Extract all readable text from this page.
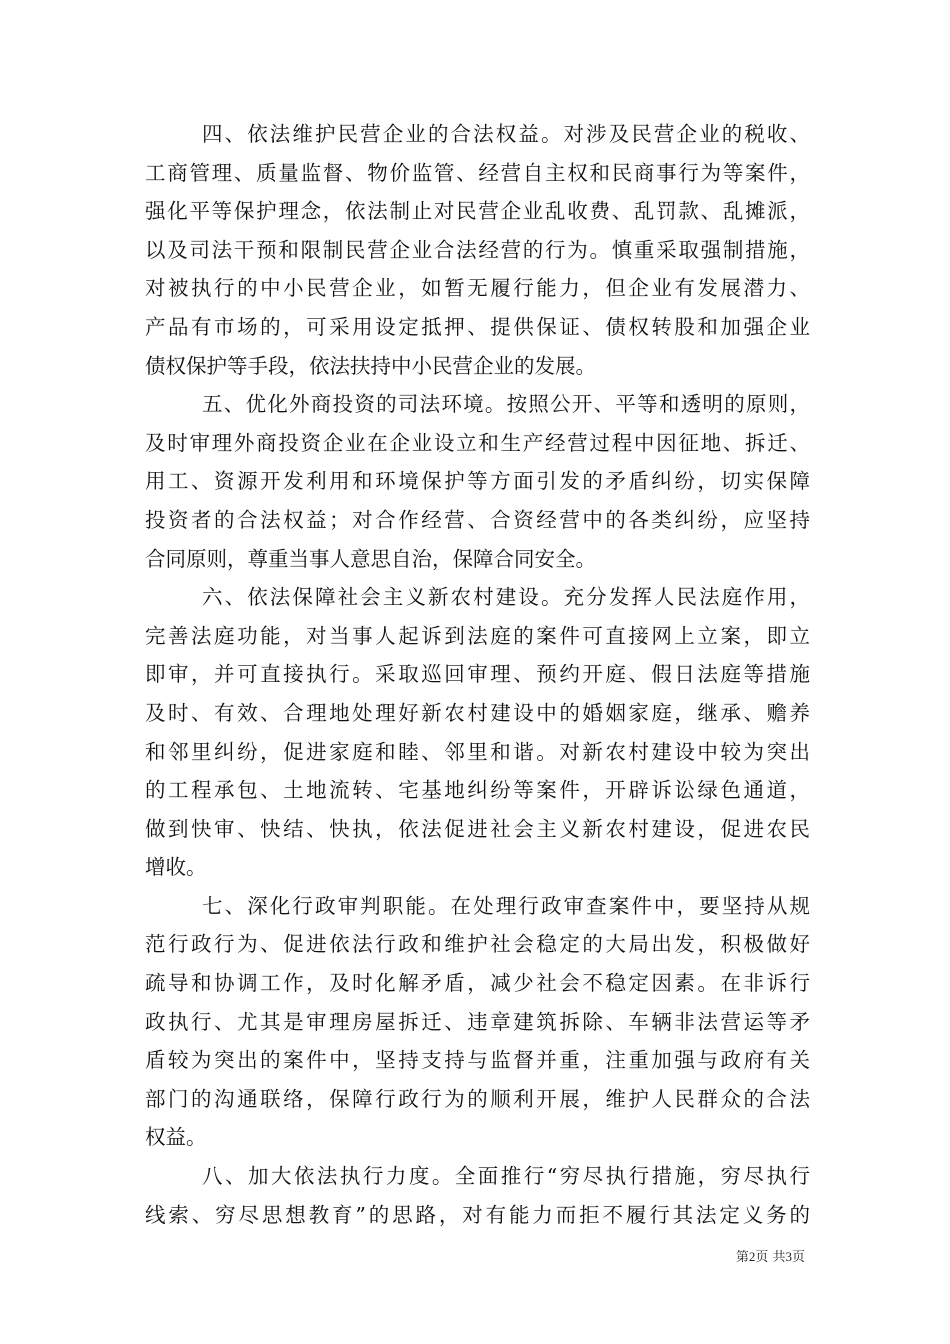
四、依法维护民营企业的合法权益。对涉及民营企业的税收、
工商管理、质量监督、物价监管、经营自主权和民商事行为等案件，
强化平等保护理念，依法制止对民营企业乱收费、乱罚款、乱摊派，
以及司法干预和限制民营企业合法经营的行为。慎重采取强制措施，
对被执行的中小民营企业，如暂无履行能力，但企业有发展潜力、
产品有市场的，可采用设定抵押、提供保证、债权转股和加强企业
债权保护等手段，依法扶持中小民营企业的发展。
五、优化外商投资的司法环境。按照公开、平等和透明的原则，
及时审理外商投资企业在企业设立和生产经营过程中因征地、拆迁、
用工、资源开发利用和环境保护等方面引发的矛盾纠纷，切实保障
投资者的合法权益；对合作经营、合资经营中的各类纠纷，应坚持
合同原则，尊重当事人意思自治，保障合同安全。
六、依法保障社会主义新农村建设。充分发挥人民法庭作用，
完善法庭功能，对当事人起诉到法庭的案件可直接网上立案，即立
即审，并可直接执行。采取巡回审理、预约开庭、假日法庭等措施
及时、有效、合理地处理好新农村建设中的婚姻家庭，继承、赡养
和邻里纠纷，促进家庭和睦、邻里和谐。对新农村建设中较为突出
的工程承包、土地流转、宅基地纠纷等案件，开辟诉讼绿色通道，
做到快审、快结、快执，依法促进社会主义新农村建设，促进农民
增收。
七、深化行政审判职能。在处理行政审查案件中，要坚持从规
范行政行为、促进依法行政和维护社会稳定的大局出发，积极做好
疏导和协调工作，及时化解矛盾，减少社会不稳定因素。在非诉行
政执行、尤其是审理房屋拆迁、违章建筑拆除、车辆非法营运等矛
盾较为突出的案件中，坚持支持与监督并重，注重加强与政府有关
部门的沟通联络，保障行政行为的顺利开展，维护人民群众的合法
权益。
八、加大依法执行力度。全面推行“穷尽执行措施，穷尽执行
线索、穷尽思想教育”的思路，对有能力而拒不履行其法定义务的
第2页 共3页
